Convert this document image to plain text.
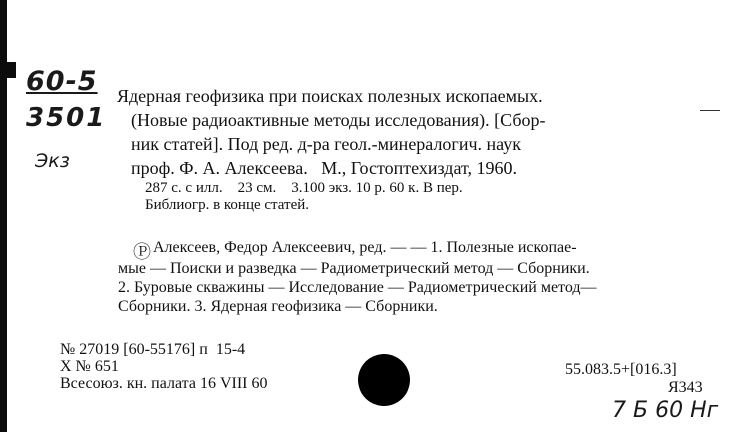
60-5
3501
Экз
Ядерная геофизика при поисках полезных ископаемых.
(Новые радиоактивные методы исследования). [Сбор-
ник статей]. Под ред. д-ра геол.-минералогич. наук
проф. Ф. А. Алексеева.   М., Гостоптехиздат, 1960.
287 с. с илл.    23 см.    3.100 экз. 10 р. 60 к. В пер.
Библиогр. в конце статей.
Ⓟ Алексеев, Федор Алексеевич, ред. — — 1. Полезные ископае-
мые — Поиски и разведка — Радиометрический метод — Сборники.
2. Буровые скважины — Исследование — Радиометрический метод—
Сборники. 3. Ядерная геофизика — Сборники.
№ 27019 [60-55176] п  15-4
Х № 651
Всесоюз. кн. палата 16 VIII 60
55.083.5+[016.3]
Я343
7 Б 60 Нг
